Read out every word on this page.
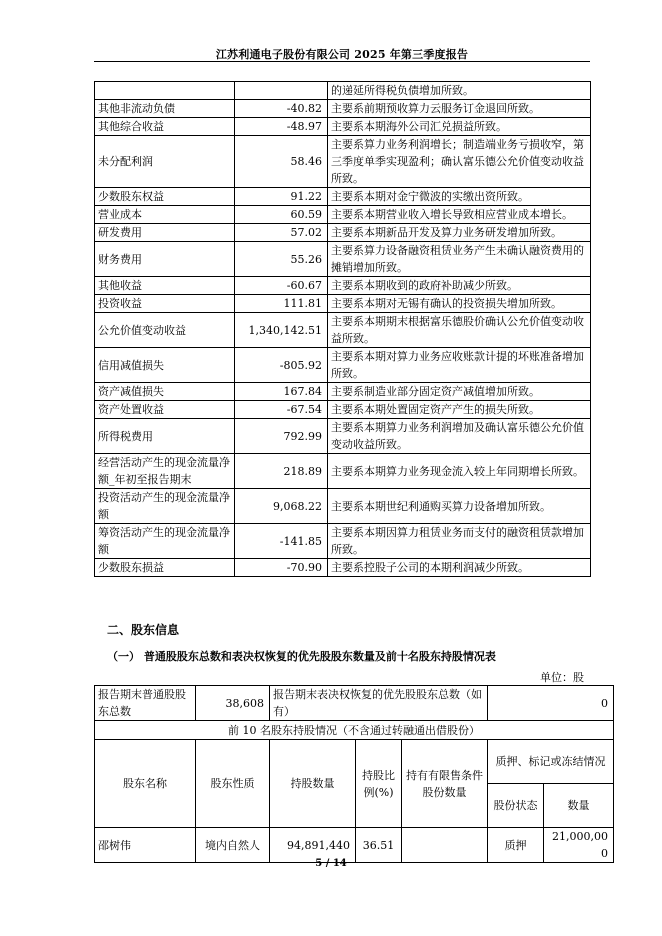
江苏利通电子股份有限公司 2025 年第三季度报告
		的递延所得税负债增加所致。
其他非流动负债	-40.82	主要系前期预收算力云服务订金退回所致。
其他综合收益	-48.97	主要系本期海外公司汇兑损益所致。
未分配利润	58.46	主要系算力业务利润增长；制造端业务亏损收窄，第三季度单季实现盈利；确认富乐德公允价值变动收益所致。
少数股东权益	91.22	主要系本期对金宁微波的实缴出资所致。
营业成本	60.59	主要系本期营业收入增长导致相应营业成本增长。
研发费用	57.02	主要系本期新品开发及算力业务研发增加所致。
财务费用	55.26	主要系算力设备融资租赁业务产生未确认融资费用的摊销增加所致。
其他收益	-60.67	主要系本期收到的政府补助减少所致。
投资收益	111.81	主要系本期对无锡有确认的投资损失增加所致。
公允价值变动收益	1,340,142.51	主要系本期期末根据富乐德股价确认公允价值变动收益所致。
信用减值损失	-805.92	主要系本期对算力业务应收账款计提的坏账准备增加所致。
资产减值损失	167.84	主要系制造业部分固定资产减值增加所致。
资产处置收益	-67.54	主要系本期处置固定资产产生的损失所致。
所得税费用	792.99	主要系本期算力业务利润增加及确认富乐德公允价值变动收益所致。
经营活动产生的现金流量净额_年初至报告期末	218.89	主要系本期算力业务现金流入较上年同期增长所致。
投资活动产生的现金流量净额	9,068.22	主要系本期世纪利通购买算力设备增加所致。
筹资活动产生的现金流量净额	-141.85	主要系本期因算力租赁业务而支付的融资租赁款增加所致。
少数股东损益	-70.90	主要系控股子公司的本期利润减少所致。
二、股东信息
（一） 普通股股东总数和表决权恢复的优先股股东数量及前十名股东持股情况表
单位：股
报告期末普通股股东总数	38,608	报告期末表决权恢复的优先股股东总数（如有）			0	
前 10 名股东持股情况（不含通过转融通出借股份）						
股东名称	股东性质	持股数量	持股比例(%)	持有有限售条件股份数量	质押、标记或冻结情况	
					股份状态	数量
邵树伟	境内自然人	94,891,440	36.51		质押	21,000,000
5 / 14
